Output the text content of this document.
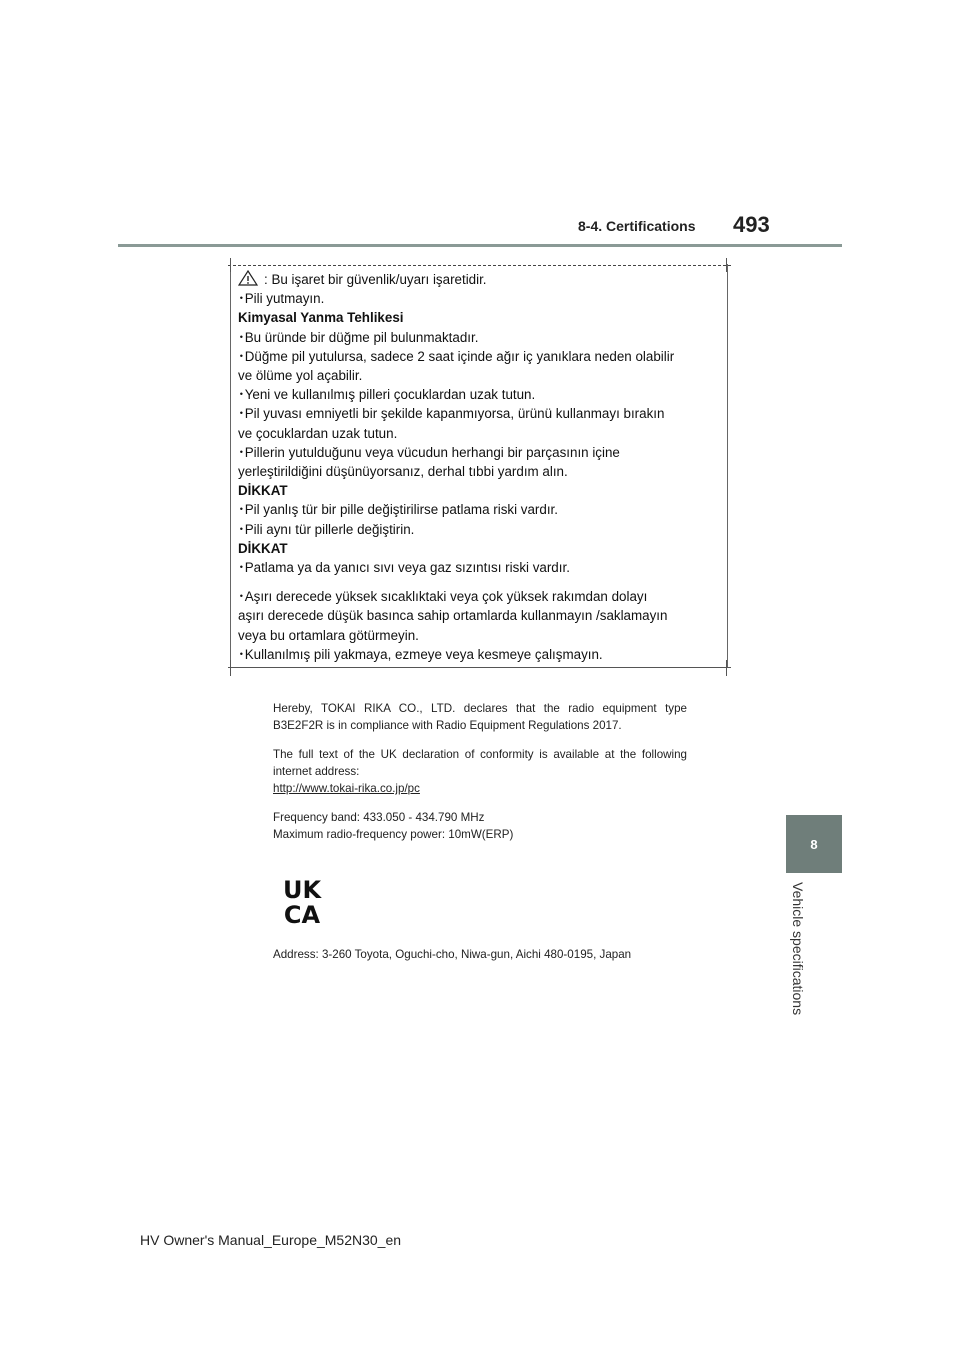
8-4. Certifications 493
8
Vehicle specifications
: Bu işaret bir güvenlik/uyarı işaretidir.
･Pili yutmayın.
Kimyasal Yanma Tehlikesi
･Bu üründe bir düğme pil bulunmaktadır.
･Düğme pil yutulursa, sadece 2 saat içinde ağır iç yanıklara neden olabilir
ve ölüme yol açabilir.
･Yeni ve kullanılmış pilleri çocuklardan uzak tutun.
･Pil yuvası emniyetli bir şekilde kapanmıyorsa, ürünü kullanmayı bırakın
ve çocuklardan uzak tutun.
･Pillerin yutulduğunu veya vücudun herhangi bir parçasının içine
yerleştirildiğini düşünüyorsanız, derhal tıbbi yardım alın.
DİKKAT
･Pil yanlış tür bir pille değiştirilirse patlama riski vardır.
･Pili aynı tür pillerle değiştirin.
DİKKAT
･Patlama ya da yanıcı sıvı veya gaz sızıntısı riski vardır.
･Aşırı derecede yüksek sıcaklıktaki veya çok yüksek rakımdan dolayı
aşırı derecede düşük basınca sahip ortamlarda kullanmayın /saklamayın
veya bu ortamlara götürmeyin.
･Kullanılmış pili yakmaya, ezmeye veya kesmeye çalışmayın.

Hereby, TOKAI RIKA CO., LTD. declares that the radio equipment type B3E2F2R is in compliance with Radio Equipment Regulations 2017.

The full text of the UK declaration of conformity is available at the following internet address:

http://www.tokai-rika.co.jp/pc

Frequency band: 433.050 - 434.790 MHz

Maximum radio-frequency power: 10mW(ERP)

UK
CA
Address: 3-260 Toyota, Oguchi-cho, Niwa-gun, Aichi 480-0195, Japan
HV Owner's Manual_Europe_M52N30_en
